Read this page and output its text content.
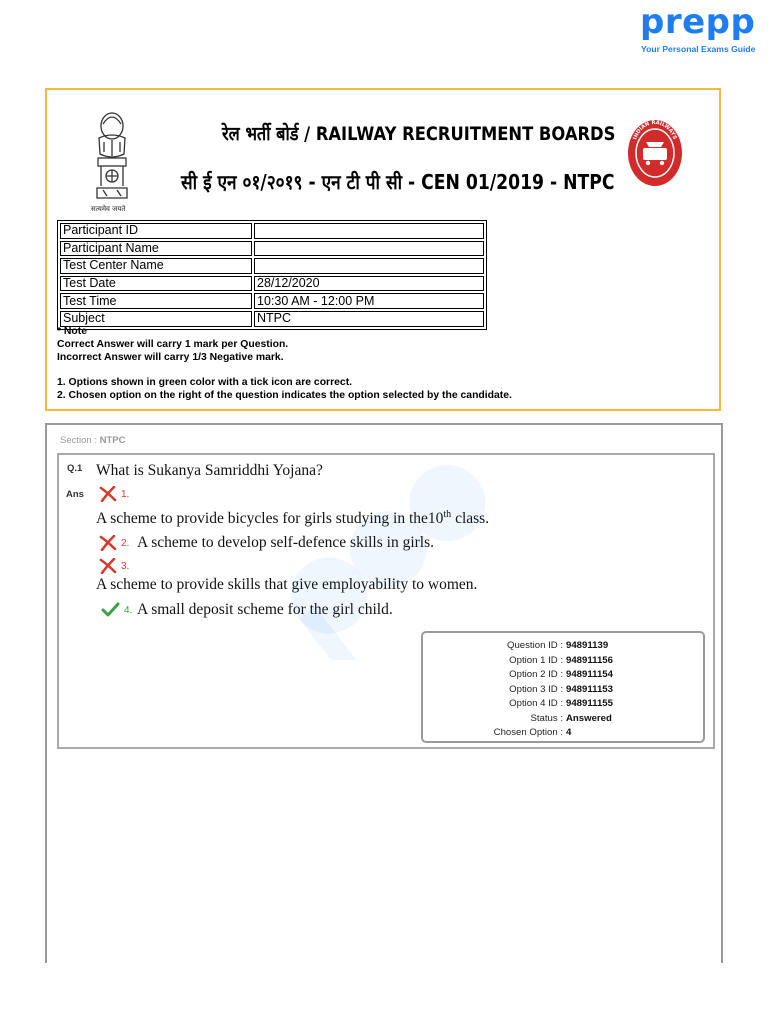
prepp
Your Personal Exams Guide
सत्यमेव जयते
रेल भर्ती बोर्ड / RAILWAY RECRUITMENT BOARDS
सी ई एन ०१/२०१९ - एन टी पी सी - CEN 01/2019 - NTPC
INDIAN RAILWAYS
Participant ID	
Participant Name	
Test Center Name	
Test Date	28/12/2020
Test Time	10:30 AM - 12:00 PM
Subject	NTPC
* Note
Correct Answer will carry 1 mark per Question.
Incorrect Answer will carry 1/3 Negative mark.
1. Options shown in green color with a tick icon are correct.
2. Chosen option on the right of the question indicates the option selected by the candidate.
Section : NTPC
Q.1
Ans
What is Sukanya Samriddhi Yojana?
1.
A scheme to provide bicycles for girls studying in the10th class.
2. A scheme to develop self-defence skills in girls.
3.
A scheme to provide skills that give employability to women.
4. A small deposit scheme for the girl child.
Question ID : 94891139
Option 1 ID : 948911156
Option 2 ID : 948911154
Option 3 ID : 948911153
Option 4 ID : 948911155
Status : Answered
Chosen Option : 4
